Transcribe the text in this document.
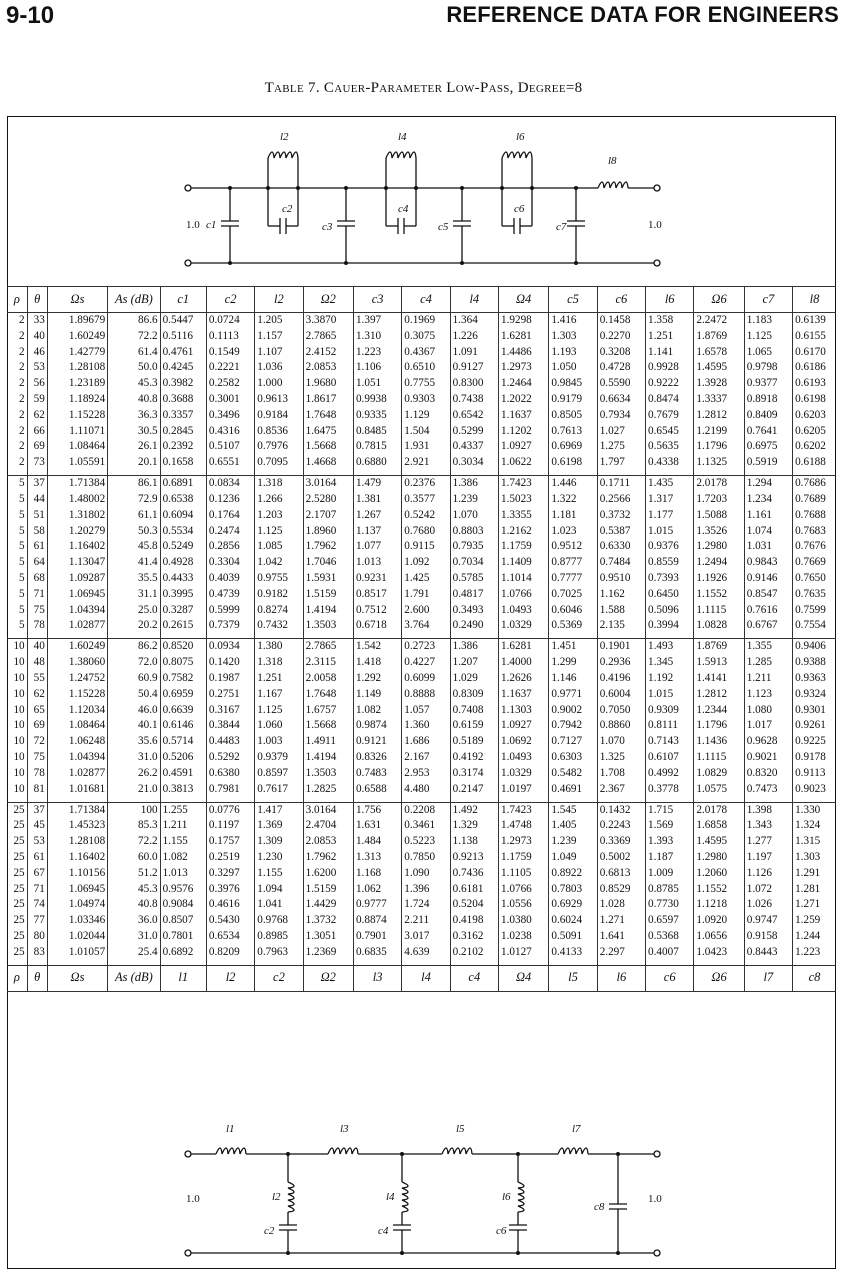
9-10	REFERENCE DATA FOR ENGINEERS
Table 7. Cauer-Parameter Low-Pass, Degree=8
l2	l4	l6
l8
c1
c2
c3
c4
c5
c6
c7
1.0	1.0
ρ	θ	Ωs	As (dB)	c1	c2	l2	Ω2	c3	c4	l4	Ω4	c5	c6	l6	Ω6	c7	l8
2	33	1.89679	86.6	0.5447	0.0724	1.205	3.3870	1.397	0.1969	1.364	1.9298	1.416	0.1458	1.358	2.2472	1.183	0.6139
2	40	1.60249	72.2	0.5116	0.1113	1.157	2.7865	1.310	0.3075	1.226	1.6281	1.303	0.2270	1.251	1.8769	1.125	0.6155
2	46	1.42779	61.4	0.4761	0.1549	1.107	2.4152	1.223	0.4367	1.091	1.4486	1.193	0.3208	1.141	1.6578	1.065	0.6170
2	53	1.28108	50.0	0.4245	0.2221	1.036	2.0853	1.106	0.6510	0.9127	1.2973	1.050	0.4728	0.9928	1.4595	0.9798	0.6186
2	56	1.23189	45.3	0.3982	0.2582	1.000	1.9680	1.051	0.7755	0.8300	1.2464	0.9845	0.5590	0.9222	1.3928	0.9377	0.6193
2	59	1.18924	40.8	0.3688	0.3001	0.9613	1.8617	0.9938	0.9303	0.7438	1.2022	0.9179	0.6634	0.8474	1.3337	0.8918	0.6198
2	62	1.15228	36.3	0.3357	0.3496	0.9184	1.7648	0.9335	1.129	0.6542	1.1637	0.8505	0.7934	0.7679	1.2812	0.8409	0.6203
2	66	1.11071	30.5	0.2845	0.4316	0.8536	1.6475	0.8485	1.504	0.5299	1.1202	0.7613	1.027	0.6545	1.2199	0.7641	0.6205
2	69	1.08464	26.1	0.2392	0.5107	0.7976	1.5668	0.7815	1.931	0.4337	1.0927	0.6969	1.275	0.5635	1.1796	0.6975	0.6202
2	73	1.05591	20.1	0.1658	0.6551	0.7095	1.4668	0.6880	2.921	0.3034	1.0622	0.6198	1.797	0.4338	1.1325	0.5919	0.6188
5	37	1.71384	86.1	0.6891	0.0834	1.318	3.0164	1.479	0.2376	1.386	1.7423	1.446	0.1711	1.435	2.0178	1.294	0.7686
5	44	1.48002	72.9	0.6538	0.1236	1.266	2.5280	1.381	0.3577	1.239	1.5023	1.322	0.2566	1.317	1.7203	1.234	0.7689
5	51	1.31802	61.1	0.6094	0.1764	1.203	2.1707	1.267	0.5242	1.070	1.3355	1.181	0.3732	1.177	1.5088	1.161	0.7688
5	58	1.20279	50.3	0.5534	0.2474	1.125	1.8960	1.137	0.7680	0.8803	1.2162	1.023	0.5387	1.015	1.3526	1.074	0.7683
5	61	1.16402	45.8	0.5249	0.2856	1.085	1.7962	1.077	0.9115	0.7935	1.1759	0.9512	0.6330	0.9376	1.2980	1.031	0.7676
5	64	1.13047	41.4	0.4928	0.3304	1.042	1.7046	1.013	1.092	0.7034	1.1409	0.8777	0.7484	0.8559	1.2494	0.9843	0.7669
5	68	1.09287	35.5	0.4433	0.4039	0.9755	1.5931	0.9231	1.425	0.5785	1.1014	0.7777	0.9510	0.7393	1.1926	0.9146	0.7650
5	71	1.06945	31.1	0.3995	0.4739	0.9182	1.5159	0.8517	1.791	0.4817	1.0766	0.7025	1.162	0.6450	1.1552	0.8547	0.7635
5	75	1.04394	25.0	0.3287	0.5999	0.8274	1.4194	0.7512	2.600	0.3493	1.0493	0.6046	1.588	0.5096	1.1115	0.7616	0.7599
5	78	1.02877	20.2	0.2615	0.7379	0.7432	1.3503	0.6718	3.764	0.2490	1.0329	0.5369	2.135	0.3994	1.0828	0.6767	0.7554
10	40	1.60249	86.2	0.8520	0.0934	1.380	2.7865	1.542	0.2723	1.386	1.6281	1.451	0.1901	1.493	1.8769	1.355	0.9406
10	48	1.38060	72.0	0.8075	0.1420	1.318	2.3115	1.418	0.4227	1.207	1.4000	1.299	0.2936	1.345	1.5913	1.285	0.9388
10	55	1.24752	60.9	0.7582	0.1987	1.251	2.0058	1.292	0.6099	1.029	1.2626	1.146	0.4196	1.192	1.4141	1.211	0.9363
10	62	1.15228	50.4	0.6959	0.2751	1.167	1.7648	1.149	0.8888	0.8309	1.1637	0.9771	0.6004	1.015	1.2812	1.123	0.9324
10	65	1.12034	46.0	0.6639	0.3167	1.125	1.6757	1.082	1.057	0.7408	1.1303	0.9002	0.7050	0.9309	1.2344	1.080	0.9301
10	69	1.08464	40.1	0.6146	0.3844	1.060	1.5668	0.9874	1.360	0.6159	1.0927	0.7942	0.8860	0.8111	1.1796	1.017	0.9261
10	72	1.06248	35.6	0.5714	0.4483	1.003	1.4911	0.9121	1.686	0.5189	1.0692	0.7127	1.070	0.7143	1.1436	0.9628	0.9225
10	75	1.04394	31.0	0.5206	0.5292	0.9379	1.4194	0.8326	2.167	0.4192	1.0493	0.6303	1.325	0.6107	1.1115	0.9021	0.9178
10	78	1.02877	26.2	0.4591	0.6380	0.8597	1.3503	0.7483	2.953	0.3174	1.0329	0.5482	1.708	0.4992	1.0829	0.8320	0.9113
10	81	1.01681	21.0	0.3813	0.7981	0.7617	1.2825	0.6588	4.480	0.2147	1.0197	0.4691	2.367	0.3778	1.0575	0.7473	0.9023
25	37	1.71384	100	1.255	0.0776	1.417	3.0164	1.756	0.2208	1.492	1.7423	1.545	0.1432	1.715	2.0178	1.398	1.330
25	45	1.45323	85.3	1.211	0.1197	1.369	2.4704	1.631	0.3461	1.329	1.4748	1.405	0.2243	1.569	1.6858	1.343	1.324
25	53	1.28108	72.2	1.155	0.1757	1.309	2.0853	1.484	0.5223	1.138	1.2973	1.239	0.3369	1.393	1.4595	1.277	1.315
25	61	1.16402	60.0	1.082	0.2519	1.230	1.7962	1.313	0.7850	0.9213	1.1759	1.049	0.5002	1.187	1.2980	1.197	1.303
25	67	1.10156	51.2	1.013	0.3297	1.155	1.6200	1.168	1.090	0.7436	1.1105	0.8922	0.6813	1.009	1.2060	1.126	1.291
25	71	1.06945	45.3	0.9576	0.3976	1.094	1.5159	1.062	1.396	0.6181	1.0766	0.7803	0.8529	0.8785	1.1552	1.072	1.281
25	74	1.04974	40.8	0.9084	0.4616	1.041	1.4429	0.9777	1.724	0.5204	1.0556	0.6929	1.028	0.7730	1.1218	1.026	1.271
25	77	1.03346	36.0	0.8507	0.5430	0.9768	1.3732	0.8874	2.211	0.4198	1.0380	0.6024	1.271	0.6597	1.0920	0.9747	1.259
25	80	1.02044	31.0	0.7801	0.6534	0.8985	1.3051	0.7901	3.017	0.3162	1.0238	0.5091	1.641	0.5368	1.0656	0.9158	1.244
25	83	1.01057	25.4	0.6892	0.8209	0.7963	1.2369	0.6835	4.639	0.2102	1.0127	0.4133	2.297	0.4007	1.0423	0.8443	1.223
ρ	θ	Ωs	As (dB)	l1	l2	c2	Ω2	l3	l4	c4	Ω4	l5	l6	c6	Ω6	l7	c8
l1	l3	l5	l7
l2	l4	l6
c2	c4	c6
c8
1.0	1.0
